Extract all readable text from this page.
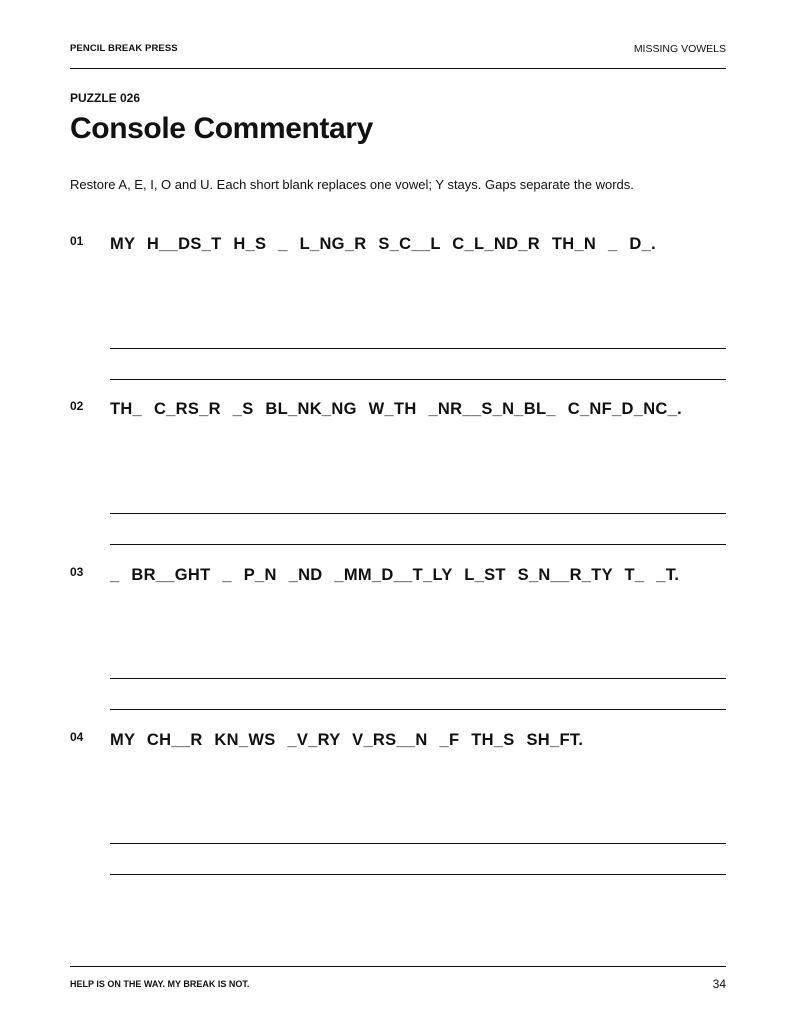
PENCIL BREAK PRESS	MISSING VOWELS
PUZZLE 026
Console Commentary
Restore A, E, I, O and U. Each short blank replaces one vowel; Y stays. Gaps separate the words.
01 MY H__DS_T H_S _ L_NG_R S_C__L C_L_ND_R TH_N _ D_.
02 TH_ C_RS_R _S BL_NK_NG W_TH _NR__S_N_BL_ C_NF_D_NC_.
03 _ BR__GHT _ P_N _ND _MM_D__T_LY L_ST S_N__R_TY T_ _T.
04 MY CH__R KN_WS _V_RY V_RS__N _F TH_S SH_FT.
HELP IS ON THE WAY. MY BREAK IS NOT.	34
